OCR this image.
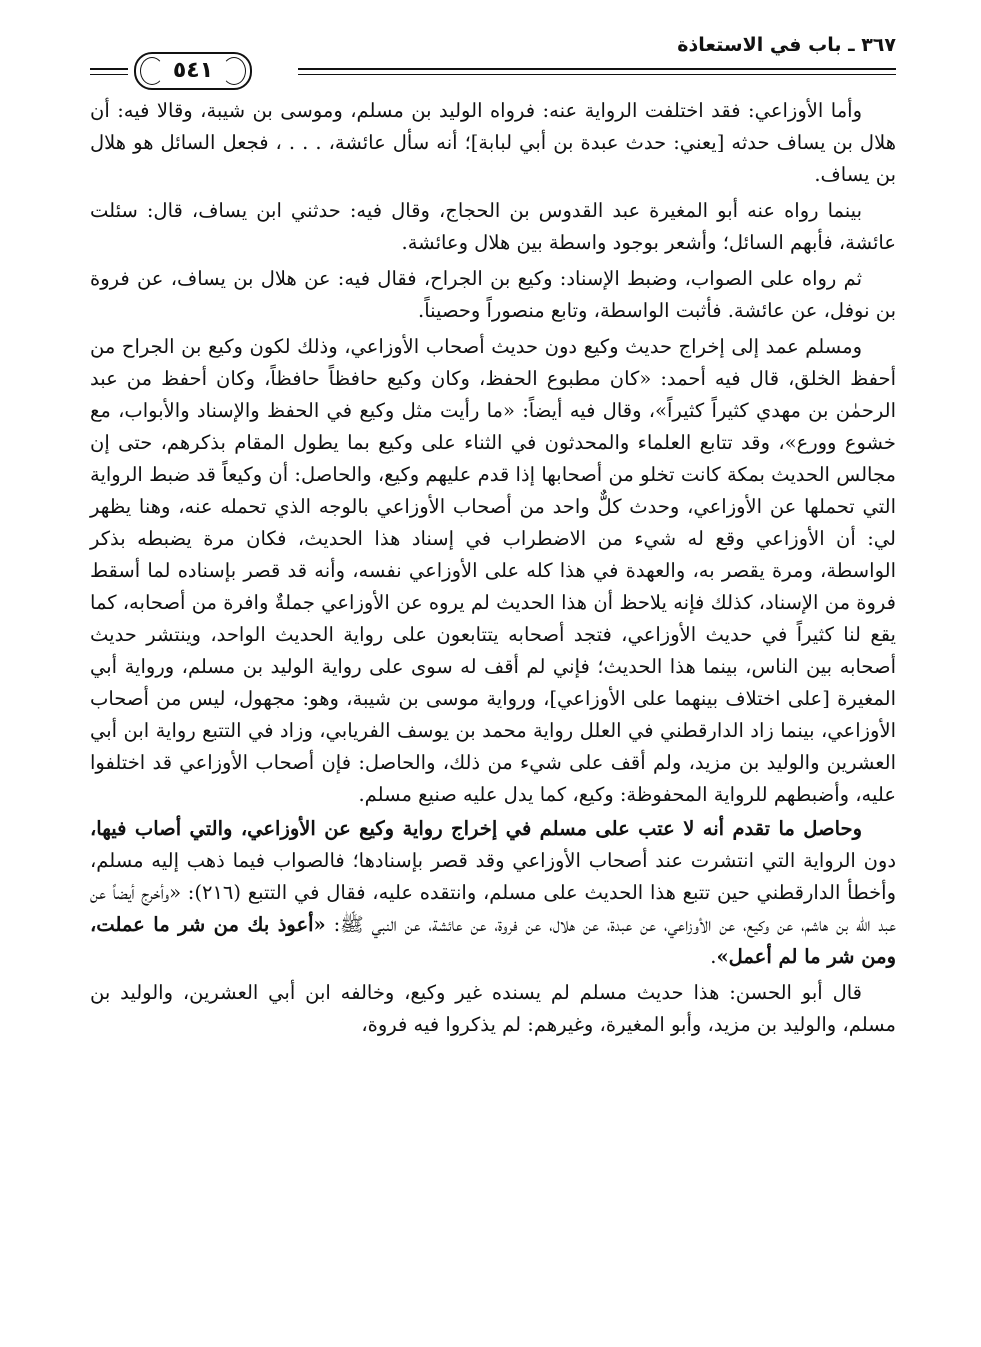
٣٦٧ ـ باب في الاستعاذة
٥٤١

وأما الأوزاعي: فقد اختلفت الرواية عنه: فرواه الوليد بن مسلم، وموسى بن شيبة، وقالا فيه: أن هلال بن يساف حدثه [يعني: حدث عبدة بن أبي لبابة]؛ أنه سأل عائشة، . . . ، فجعل السائل هو هلال بن يساف.

بينما رواه عنه أبو المغيرة عبد القدوس بن الحجاج، وقال فيه: حدثني ابن يساف، قال: سئلت عائشة، فأبهم السائل؛ وأشعر بوجود واسطة بين هلال وعائشة.

ثم رواه على الصواب، وضبط الإسناد: وكيع بن الجراح، فقال فيه: عن هلال بن يساف، عن فروة بن نوفل، عن عائشة. فأثبت الواسطة، وتابع منصوراً وحصيناً.

ومسلم عمد إلى إخراج حديث وكيع دون حديث أصحاب الأوزاعي، وذلك لكون وكيع بن الجراح من أحفظ الخلق، قال فيه أحمد: «كان مطبوع الحفظ، وكان وكيع حافظاً حافظاً، وكان أحفظ من عبد الرحمٰن بن مهدي كثيراً كثيراً»، وقال فيه أيضاً: «ما رأيت مثل وكيع في الحفظ والإسناد والأبواب، مع خشوع وورع»، وقد تتابع العلماء والمحدثون في الثناء على وكيع بما يطول المقام بذكرهم، حتى إن مجالس الحديث بمكة كانت تخلو من أصحابها إذا قدم عليهم وكيع، والحاصل: أن وكيعاً قد ضبط الرواية التي تحملها عن الأوزاعي، وحدث كلٌّ واحد من أصحاب الأوزاعي بالوجه الذي تحمله عنه، وهنا يظهر لي: أن الأوزاعي وقع له شيء من الاضطراب في إسناد هذا الحديث، فكان مرة يضبطه بذكر الواسطة، ومرة يقصر به، والعهدة في هذا كله على الأوزاعي نفسه، وأنه قد قصر بإسناده لما أسقط فروة من الإسناد، كذلك فإنه يلاحظ أن هذا الحديث لم يروه عن الأوزاعي جملةٌ وافرة من أصحابه، كما يقع لنا كثيراً في حديث الأوزاعي، فتجد أصحابه يتتابعون على رواية الحديث الواحد، وينتشر حديث أصحابه بين الناس، بينما هذا الحديث؛ فإني لم أقف له سوى على رواية الوليد بن مسلم، ورواية أبي المغيرة [على اختلاف بينهما على الأوزاعي]، ورواية موسى بن شيبة، وهو: مجهول، ليس من أصحاب الأوزاعي، بينما زاد الدارقطني في العلل رواية محمد بن يوسف الفريابي، وزاد في التتبع رواية ابن أبي العشرين والوليد بن مزيد، ولم أقف على شيء من ذلك، والحاصل: فإن أصحاب الأوزاعي قد اختلفوا عليه، وأضبطهم للرواية المحفوظة: وكيع، كما يدل عليه صنيع مسلم.

وحاصل ما تقدم أنه لا عتب على مسلم في إخراج رواية وكيع عن الأوزاعي، والتي أصاب فيها، دون الرواية التي انتشرت عند أصحاب الأوزاعي وقد قصر بإسنادها؛ فالصواب فيما ذهب إليه مسلم، وأخطأ الدارقطني حين تتبع هذا الحديث على مسلم، وانتقده عليه، فقال في التتبع (٢١٦): «وأخرج أيضاً عن عبد الله بن هاشم، عن وكيع، عن الأوزاعي، عن عبدة، عن هلال، عن فروة، عن عائشة، عن النبي ﷺ: «أعوذ بك من شر ما عملت، ومن شر ما لم أعمل».

قال أبو الحسن: هذا حديث مسلم لم يسنده غير وكيع، وخالفه ابن أبي العشرين، والوليد بن مسلم، والوليد بن مزيد، وأبو المغيرة، وغيرهم: لم يذكروا فيه فروة،
